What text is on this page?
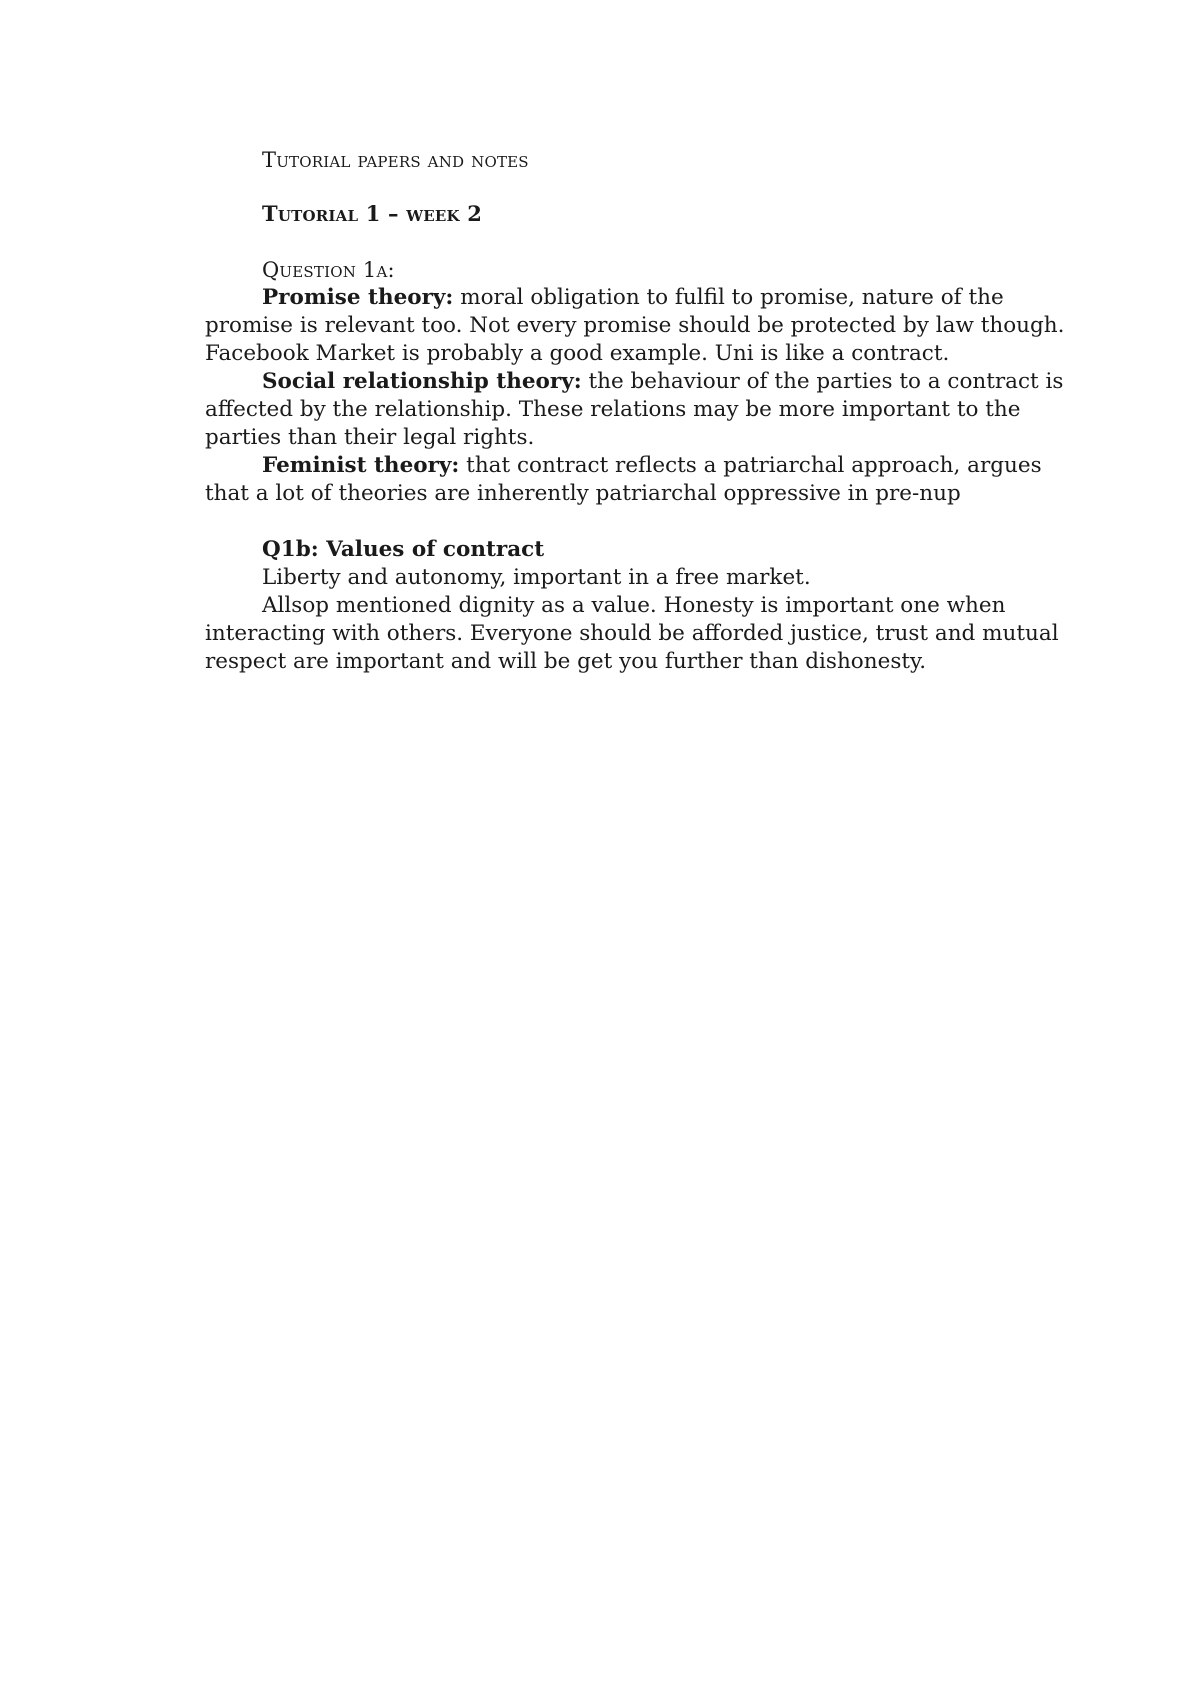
Tutorial papers and notes

Tutorial 1 – week 2

Question 1a:

Promise theory: moral obligation to fulfil to promise, nature of the promise is relevant too. Not every promise should be protected by law though. Facebook Market is probably a good example. Uni is like a contract.

Social relationship theory: the behaviour of the parties to a contract is affected by the relationship. These relations may be more important to the parties than their legal rights.

Feminist theory: that contract reflects a patriarchal approach, argues that a lot of theories are inherently patriarchal oppressive in pre-nup

Q1b: Values of contract

Liberty and autonomy, important in a free market.

Allsop mentioned dignity as a value. Honesty is important one when interacting with others. Everyone should be afforded justice, trust and mutual respect are important and will be get you further than dishonesty.
